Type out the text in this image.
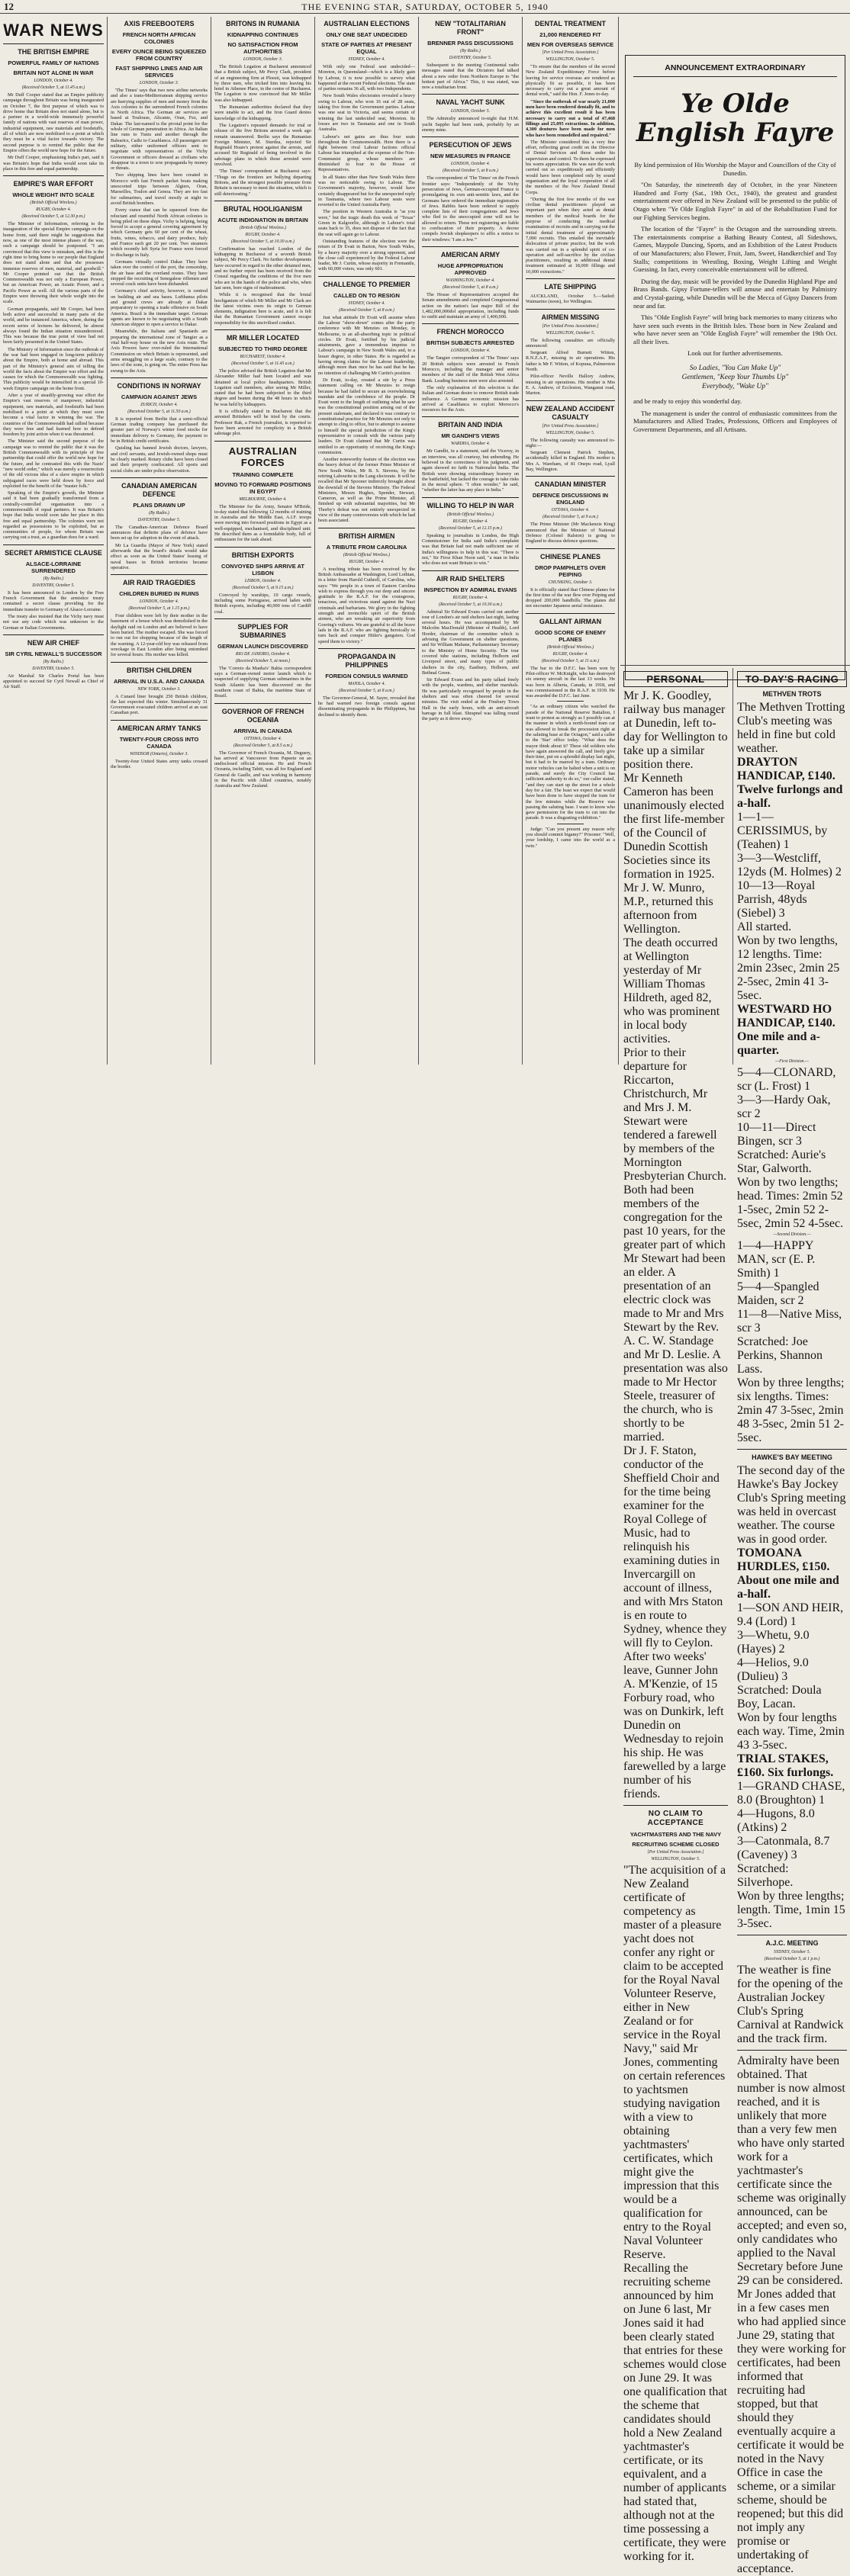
12	THE EVENING STAR, SATURDAY, OCTOBER 5, 1940
WAR NEWS
THE BRITISH EMPIRE
POWERFUL FAMILY OF NATIONS
BRITAIN NOT ALONE IN WAR
LONDON, October 4.
(Received October 5, at 11.45 a.m.)
Mr Duff Cooper stated that an Empire publicity campaign throughout Britain was being inaugurated on October 7, the first purpose of which was to drive home that Britain does not stand alone, but is a partner in a world-wide immensely powerful family of nations with vast reserves of man power, industrial equipment, raw materials and foodstuffs, all of which are now mobilised to a point at which they must be a vital factor towards victory. The second purpose is to remind the public that the Empire offers the world new hope for the future.
Mr Duff Cooper, emphasising India's part, said it was Britain's hope that India would soon take its place in this free and equal partnership.
EMPIRE'S WAR EFFORT
WHOLE WEIGHT INTO SCALE
(British Official Wireless.)
RUGBY, October 4.
(Received October 5, at 12.30 p.m.)
The Minister of Information, referring to the inauguration of the special Empire campaign on the home front, said there might be suggestions that now, as one of the most intense phases of the war, such a campaign should be postponed. "I am convinced that this view is mistaken, and this is the right time to bring home to our people that England does not stand alone and that she possesses immense reserves of men, material, and goodwill." Mr Cooper pointed out that the British Commonwealth was not only a European Power, but an American Power, an Asiatic Power, and a Pacific Power as well. All the various parts of the Empire were throwing their whole weight into the scale.
German propaganda, said Mr Cooper, had been both active and successful in many parts of the world, and he instanced America, where, during the recent series of lectures he delivered, he almost always found the Indian situation misunderstood. This was because the true point of view had not been fairly presented in the United States.
The Ministry of Information since the outbreak of the war had been engaged in long-term publicity about the Empire, both at home and abroad. This part of the Ministry's general aim of telling the world the facts about the Empire war effort and the causes for which the Commonwealth was fighting. This publicity would be intensified in a special 10-week Empire campaign on the home front.
After a year of steadily-growing war effort the Empire's vast reserves of manpower, industrial equipment, raw materials, and foodstuffs had been mobilised to a point at which they must soon become a vital factor in winning the war. The countries of the Commonwealth had rallied because they were free and had learned how to defend freedom by joint action when it was threatened.
The Minister said the second purpose of the campaign was to remind the public that it was the British Commonwealth with its principle of free partnership that could offer the world new hope for the future, and he contrasted this with the Nazis' "new world order," which was merely a resurrection of the old vicious idea of a slave empire in which subjugated races were held down by force and exploited for the benefit of the "master folk."
Speaking of the Empire's growth, the Minister said it had been gradually transformed from a centrally-controlled organisation into a commonwealth of equal partners. It was Britain's hope that India would soon take her place in this free and equal partnership. The colonies were not regarded as possessions to be exploited, but as communities of people, for whom Britain was carrying out a trust, as a guardian does for a ward.
SECRET ARMISTICE CLAUSE
ALSACE-LORRAINE SURRENDERED
(By Radio.)
DAVENTRY, October 5.
It has been announced in London by the Free French Government that the armistice treaty contained a secret clause providing for the immediate transfer to Germany of Alsace-Lorraine.
The treaty also insisted that the Vichy navy must not use any code which was unknown to the German or Italian Governments.
NEW AIR CHIEF
SIR CYRIL NEWALL'S SUCCESSOR
(By Radio.)
DAVENTRY, October 5.
Air Marshal Sir Charles Portal has been appointed to succeed Sir Cyril Newall as Chief of Air Staff.
AXIS FREEBOOTERS
FRENCH NORTH AFRICAN COLONIES
EVERY OUNCE BEING SQUEEZED FROM COUNTRY
FAST SHIPPING LINES AND AIR SERVICES
LONDON, October 3.
'The Times' says that two new airline networks and also a trans-Mediterranean shipping service are hurrying supplies of men and money from the Axis colonies to the surrendered French colonies in North Africa. The German air services are based at Toulouse, Alicante, Oran, Fez, and Dakar. The last-named is the pivotal point for the whole of German penetration in Africa. An Italian line runs to Tunis and another through the Balearics, Cadiz to Casablanca. All passengers are military, either uniformed officers sent to negotiate with representatives of the Vichy Government or officers dressed as civilians who disappear in a town to sow propaganda by money or threats.
Two shipping lines have been created in Morocco with fast French packet boats making unescorted trips between Algiers, Oran, Marseilles, Toulon and Genoa. They are too fast for submarines, and travel mostly at night to avoid British bombers.
Every ounce that can be squeezed from the reluctant and resentful North African colonies is being piled on these ships. Vichy is helping, being forced to accept a general covering agreement by which Germany gets 60 per cent of the wheat, fruits, wines, tobacco, and dairy produce, Italy and France each get 20 per cent. Two steamers which recently left Syria for France were forced to discharge in Italy.
Germans virtually control Dakar. They have taken over the control of the port, the censorship, the air base and the overland routes. They have stopped the recruiting of Senegalese riflemen and several crack units have been disbanded.
Germany's chief activity, however, is centred on building air and sea bases. Lufthansa pilots and ground crews are already at Dakar preparatory to opening a trade offensive on South America. Brazil is the immediate target. German agents are known to be negotiating with a South American shipper to open a service to Dakar.
Meanwhile, the Italians and Spaniards are preparing the international zone of Tangier as a vital half-way house on the new Axis route. The Axis Powers have over-ruled the International Commission on which Britain is represented, and arms smuggling on a large scale, contrary to the laws of the zone, is going on. The entire Press has swung to the Axis.
CONDITIONS IN NORWAY
CAMPAIGN AGAINST JEWS
ZURICH, October 4.
(Received October 5, at 11.50 a.m.)
It is reported from Berlin that a semi-official German trading company has purchased the greater part of Norway's winter food stocks for immediate delivery to Germany, the payment to be in British credit certificates.
Quisling has banned Jewish doctors, lawyers, and civil servants, and Jewish-owned shops must be clearly marked. Rotary clubs have been closed and their property confiscated. All sports and social clubs are under police observation.
CANADIAN AMERICAN DEFENCE
PLANS DRAWN UP
(By Radio.)
DAVENTRY, October 5.
The Canadian-American Defence Board announces that definite plans of defence have been set up for adoption in the event of attack.
Mr La Guardia (Mayor of New York) stated afterwards that the board's details would take effect as soon as the United States' leasing of naval bases in British territories became operative.
AIR RAID TRAGEDIES
CHILDREN BURIED IN RUINS
LONDON, October 4.
(Received October 5, at 1.15 p.m.)
Four children were left by their mother in the basement of a house which was demolished in the daylight raid on London and are believed to have been buried. The mother escaped. She was forced to run out for shopping because of the length of the warning. A 12-year-old boy was released from wreckage in East London after being entombed for several hours. His mother was killed.
BRITISH CHILDREN
ARRIVAL IN U.S.A. AND CANADA
NEW YORK, October 3.
A Cunard liner brought 250 British children, the last expected this winter. Simultaneously 31 Government evacuated children arrived at an east Canadian port.
AMERICAN ARMY TANKS
TWENTY-FOUR CROSS INTO CANADA
WINDSOR (Ontario), October 3.
Twenty-four United States army tanks crossed the border.
BRITONS IN RUMANIA
KIDNAPPING CONTINUES
NO SATISFACTION FROM AUTHORITIES
LONDON, October 3.
The British Legation at Bucharest announced that a British subject, Mr Percy Clark, president of an engineering firm at Ploesti, was kidnapped by three men, who tricked him into leaving his hotel in Athenee Place, in the centre of Bucharest. The Legation is now convinced that Mr Miller was also kidnapped.
The Rumanian authorities declared that they were unable to act, and the Iron Guard denies knowledge of the kidnapping.
The Legation's repeated demands for trial or release of the five Britons arrested a week ago remain unanswered. Berlin says the Rumanian Foreign Minister, M. Sturdza, rejected Sir Reginald Hoare's protest against the arrests, and accused Sir Reginald of being involved in the sabotage plans in which those arrested were involved.
'The Times' correspondent at Bucharest says: "Thugs on the frontiers are bullying departing Britons, and the strongest possible pressure from Britain is necessary to meet the situation, which is still deteriorating."
BRUTAL HOOLIGANISM
ACUTE INDIGNATION IN BRITAIN
(British Official Wireless.)
RUGBY, October 4.
(Received October 5, at 10.30 a.m.)
Confirmation has reached London of the kidnapping in Bucharest of a seventh British subject, Mr Percy Clark. No further developments have occurred in regard to the other detained men, and no further report has been received from the Consul regarding the conditions of the five men who are in the hands of the police and who, when last seen, bore signs of maltreatment.
While it is recognised that the brutal hooliganism of which Mr Miller and Mr Clark are the latest victims owes its origin to German elements, indignation here is acute, and it is felt that the Rumanian Government cannot escape responsibility for this uncivilised conduct.
MR MILLER LOCATED
SUBJECTED TO THIRD DEGREE
BUCHAREST, October 4.
(Received October 5, at 11.45 a.m.)
The police advised the British Legation that Mr Alexander Miller had been located and was detained at local police headquarters. British Legation staff members, after seeing Mr Miller, stated that he had been subjected to the third degree and beaten during the 48 hours in which he was held by kidnappers.
It is officially stated in Bucharest that the arrested Britishers will be tried by the courts. Professor Rak, a French journalist, is reported to have been arrested for complicity in a British sabotage plot.
AUSTRALIAN FORCES
TRAINING COMPLETE
MOVING TO FORWARD POSITIONS IN EGYPT
MELBOURNE, October 4.
The Minister for the Army, Senator M'Bride, to-day stated that following 12 months of training in Australia and the Middle East, A.I.F. troops were moving into forward positions in Egypt as a well-equipped, mechanised, and disciplined unit. He described them as a formidable body, full of enthusiasm for the task ahead.
BRITISH EXPORTS
CONVOYED SHIPS ARRIVE AT LISBON
LISBON, October 4.
(Received October 5, at 9.15 a.m.)
Convoyed by warships, 10 cargo vessels, including some Portuguese, arrived laden with British exports, including 40,000 tons of Cardiff coal.
SUPPLIES FOR SUBMARINES
GERMAN LAUNCH DISCOVERED
RIO DE JANEIRO, October 4.
(Received October 5, at noon.)
The 'Correio da Manha's' Bahia correspondent says a German-owned motor launch which is suspected of supplying German submarines in the South Atlantic has been discovered on the southern coast of Bahia, the maritime State of Brazil.
GOVERNOR OF FRENCH OCEANIA
ARRIVAL IN CANADA
OTTAWA, October 4.
(Received October 5, at 8.5 a.m.)
The Governor of French Oceania, M. Deguery, has arrived at Vancouver from Papeete on an undisclosed official mission. He and French Oceania, including Tahiti, was all for England and General de Gaulle, and was working in harmony in the Pacific with Allied countries, notably Australia and New Zealand.
AUSTRALIAN ELECTIONS
ONLY ONE SEAT UNDECIDED
STATE OF PARTIES AT PRESENT EQUAL
SYDNEY, October 4.
With only one Federal seat undecided—Moreton, in Queensland—which is a likely gain by Labour, it is now possible to survey what happened at the recent Federal elections. The state of parties remains 36 all, with two Independents.
New South Wales electorates revealed a heavy swing to Labour, who won 16 out of 28 seats, taking five from the Government parties. Labour was one seat in Victoria, and seems certain of winning the last undecided seat, Moreton. Its losses are two in Tasmania and one in South Australia.
Labour's net gains are thus four seats throughout the Commonwealth. Here there is a fight between rival Labour factions official Labour has triumphed at the expense of the Non-Communist group, whose members are diminished to four in the House of Representatives.
In all States other than New South Wales there was no noticeable swing to Labour. The Government's majority, however, would have certainly disappeared but for the unexpected reply in Tasmania, where two Labour seats were reverted to the United Australia Party.
The position in Western Australia is "as you were," but the tragic death this week of "Texas" Green in Kalgoorlie, although in Labour's total seats back to 35, does not dispose of the fact that the seat will again go to Labour.
Outstanding features of the election were the return of Dr Evatt in Barton, New South Wales, by a heavy majority over a strong opponent, and the close call experienced by the Federal Labour leader, Mr J. Curtin, whose majority in Fremantle, with 60,000 voters, was only 601.
CHALLENGE TO PREMIER
CALLED ON TO RESIGN
SYDNEY, October 4.
(Received October 5, at 8 a.m.)
Just what attitude Dr Evatt will assume when the Labour "show-down" comes after the party conference with Mr Menzies on Monday, in Melbourne, is an all-absorbing topic in political circles. Dr Evatt, fortified by his judicial attainments, gave a tremendous impetus to Labour's campaign in New South Wales and, to a lesser degree, in other States. He is regarded as having strong claims for the Labour leadership, although more than once he has said that he has no intention of challenging Mr Curtin's position.
Dr Evatt, to-day, created a stir by a Press statement calling on Mr Menzies to resign because he had failed to secure an overwhelming mandate and the confidence of the people. Dr Evatt went to the length of outlining what he saw was the constitutional position arising out of the present stalemate, and declared it was contrary to constitutional practice for Mr Menzies not only to attempt to cling to office, but to attempt to assume to himself the special jurisdiction of the King's representative to consult with the various party leaders. Dr Evatt claimed that Mr Curtin was entitled to an opportunity of receiving the King's commission.
Another noteworthy feature of the election was the heavy defeat of the former Prime Minister of New South Wales, Mr B. S. Stevens, by the retiring Labourite in the Lang electorate. It will be recalled that Mr Spooner indirectly brought about the downfall of the Stevens Ministry. The Federal Ministers, Messrs Hughes, Spender, Stewart, Cameron, as well as the Prime Minister, all finished up with substantial majorities, but Mr Thorby's defeat was not entirely unexpected in view of the many controversies with which he had been associated.
BRITISH AIRMEN
A TRIBUTE FROM CAROLINA
(British Official Wireless.)
RUGBY, October 4.
A touching tribute has been received by the British Ambassador at Washington, Lord Lothian, in a letter from Harold Cuthrell, of Carolina, who says: "We people in a town of Eastern Carolina wish to express through you our deep and sincere gratitude to the R.A.F. for the courageous, tenacious, and victorious stand against the Nazi criminals and barbarians. We glory in the fighting strength and invincible spirit of the British airmen, who are wreaking air superiority from Goering's vultures. We are grateful to all the brave lads in the R.A.F. who are fighting heroically to turn back and conquer Hitler's gangsters. God speed them to victory."
PROPAGANDA IN PHILIPPINES
FOREIGN CONSULS WARNED
MANILA, October 4.
(Received October 5, at 8 a.m.)
The Governor-General, M. Sayre, revealed that he had warned two foreign consuls against disseminating propaganda in the Philippines, but declined to identify them.
NEW "TOTALITARIAN FRONT"
BRENNER PASS DISCUSSIONS
(By Radio.)
DAVENTRY, October 5.
Subsequent to the meeting Continental radio messages stated that the Dictators had talked about a new order from Northern Europe to "the hottest part of Africa." This, it was stated, was now a totalitarian front.
NAVAL YACHT SUNK
LONDON, October 5.
The Admiralty announced to-night that H.M. yacht Sappho had been sunk, probably by an enemy mine.
PERSECUTION OF JEWS
NEW MEASURES IN FRANCE
LONDON, October 4.
(Received October 5, at 8 a.m.)
The correspondent of 'The Times' on the French frontier says: "Independently of the Vichy persecution of Jews, German-occupied France is promulgating its own anti-semitic laws, and the Germans have ordered the immediate registration of Jews. Rabbis have been ordered to supply complete lists of their congregations and Jews who fled to the unoccupied zone will not be allowed to return. These not registering are liable to confiscation of their property. A decree compels Jewish shopkeepers to affix a notice to their windows: 'I am a Jew.'"
AMERICAN ARMY
HUGE APPROPRIATION APPROVED
WASHINGTON, October 4.
(Received October 5, at 8 a.m.)
The House of Representatives accepted the Senate amendments and completed Congressional action on the nation's last major Bill of the 1,482,000,000dol appropriation, including funds to outfit and maintain an army of 1,400,000.
FRENCH MOROCCO
BRITISH SUBJECTS ARRESTED
LONDON, October 4.
The Tangier correspondent of 'The Times' says 20 British subjects were arrested in French Morocco, including the manager and senior members of the staff of the British West Africa Bank. Leading business men were also arrested.
The only explanation of this selection is the Italian and German desire to remove British trade influence. A German economic mission has arrived at Casablanca to exploit Morocco's resources for the Axis.
BRITAIN AND INDIA
MR GANDHI'S VIEWS
WARDHA, October 4.
Mr Gandhi, in a statement, said the Viceroy, in an interview, was all courtesy, but unbending. He believed in the correctness of his judgment, and again showed no faith in Nationalist India. The British were showing extraordinary bravery on the battlefield, but lacked the courage to take risks in the moral sphere. "I often wonder," he said, "whether the latter has any place in India."
WILLING TO HELP IN WAR
(British Official Wireless.)
RUGBY, October 4.
(Received October 5, at 12.15 p.m.)
Speaking to journalists in London, the High Commissioner for India said India's complaint was that Britain had not made sufficient use of India's willingness to help in this war. "There is not," Sir Firoz Khan Noon said, "a man in India who does not want Britain to win."
AIR RAID SHELTERS
INSPECTION BY ADMIRAL EVANS
RUGBY, October 4.
(Received October 5, at 10.30 a.m.)
Admiral Sir Edward Evans carried out another tour of London's air raid shelters last night, lasting several hours. He was accompanied by Mr Malcolm MacDonald (Minister of Health), Lord Horder, chairman of the committee which is advising the Government on shelter questions, and Sir William Mabane, Parliamentary Secretary to the Ministry of Home Security. The tour covered tube stations, including Holborn and Liverpool street, and many types of public shelters in the city, Eastbury, Holborn, and Bethnal Green.
Sir Edward Evans and his party talked freely with the people, wardens, and shelter marshals. He was particularly recognised by people in the shelters and was often cheered for several minutes. The visit ended at the Finsbury Town Hall in the early hours, with an anti-aircraft barrage in full blast. Shrapnel was falling round the party as it drove away.
DENTAL TREATMENT
21,000 RENDERED FIT
MEN FOR OVERSEAS SERVICE
[Per United Press Association.]
WELLINGTON, October 5.
"To ensure that the members of the second New Zealand Expeditionary Force before leaving for service overseas are rendered as physically fit as possible, it has been necessary to carry out a great amount of dental work," said the Hon. F. Jones to-day.
"Since the outbreak of war nearly 21,000 men have been rendered dentally fit, and to achieve this excellent result it has been necessary to carry out a total of 47,468 fillings and 25,095 extractions. In addition, 4,300 dentures have been made for men who have been remodelled and repaired."
The Minister considered this a very fine effort, reflecting great credit on the Director of Dental Services and those under his supervision and control. To them he expressed his warm appreciation. He was sure the work carried out so expeditiously and efficiently would have been completed only by sound organisation and the loyal cooperation of all the members of the New Zealand Dental Corps.
"During the first few months of the war civilian dental practitioners played an important part when they acted as dental members of the medical boards for the purpose of conducting the medical examination of recruits and in carrying out the initial dental treatment of approximately 7,000 recruits. This entailed the inevitable dislocation of private practice, but the work was carried out in a splendid spirit of co-operation and self-sacrifice by the civilian practitioners, resulting in additional dental treatment estimated at 18,000 fillings and 10,000 extractions."
LATE SHIPPING
AUCKLAND, October 5.—Sailed: Waimarino (noon), for Wellington.
AIRMEN MISSING
[Per United Press Association.]
WELLINGTON, October 5.
The following casualties are officially announced:
Sergeant Alfred Burnett Witton, R.N.Z.A.F., missing in air operations. His father is Mr F. Witton, of Kopuna, Palmerston North.
Pilot-officer Neville Hallory Andrew, missing in air operations. His mother is Mrs E. A. Andrew, of Eccleston, Wanganui road, Marton.
NEW ZEALAND ACCIDENT CASUALTY
[Per United Press Association.]
WELLINGTON, October 5.
The following casualty was announced to-night:—
Sergeant Clement Patrick Stephen, accidentally killed in England. His mother is Mrs A. Wareham, of 81 Onepu road, Lyall Bay, Wellington.
CANADIAN MINISTER
DEFENCE DISCUSSIONS IN ENGLAND
OTTAWA, October 4.
(Received October 5, at 9 a.m.)
The Prime Minister (Mr Mackenzie King) announced that the Minister of National Defence (Colonel Ralston) is going to England to discuss defence questions.
CHINESE PLANES
DROP PAMPHLETS OVER PEIPING
CHUNKING, October 3.
It is officially stated that Chinese planes for the first time of the war flew over Peiping and dropped 200,000 handbills. The planes did not encounter Japanese aerial resistance.
GALLANT AIRMAN
GOOD SCORE OF ENEMY PLANES
(British Official Wireless.)
RUGBY, October 4.
(Received October 5, at 11 a.m.)
The bar to the D.F.C. has been won by Pilot-officer W. McKnight, who has destroyed six enemy aircraft in the last 13 weeks. He was born in Alberta, Canada, in 1918, and was commissioned in the R.A.F. in 1939. He was awarded the D.F.C. last June.
"As an ordinary citizen who watched the parade of the National Reserve Battalion, I want to protest as strongly as I possibly can at the manner in which a north-bound tram car was allowed to break the procession right at the saluting base at the Octagon," said a caller to the 'Star' office today. "What does the mayor think about it? These old soldiers who have again answered the call, and freely give their time, put on a splendid display last night, but it had to be marred by a tram. Ordinary motor vehicles can be halted when a unit is on parade, and surely the City Council has sufficient authority to do so," our caller stated, "and they can start up the street for a whole day for a fair. The least we expect that would have been done to have stopped the tram for the few minutes while the Reserve was passing the saluting base. I want to know who gave permission for the tram to cut into the parade. It was a disgusting exhibition."
Judge: "Can you present any reason why you should commit bigamy?" Prisoner: "Well, your lordship, I came into the world as a twin."
ANNOUNCEMENT EXTRAORDINARY
Ye Olde
English Fayre
By kind permission of His Worship the Mayor and Councillors of the City of Dunedin.
"On Saturday, the nineteenth day of October, in the year Nineteen Hundred and Forty (Sat., 19th Oct., 1940), the greatest and grandest entertainment ever offered in New Zealand will be presented to the public of Otago when "Ye Olde English Fayre" in aid of the Rehabilitation Fund for our Fighting Services begins.
The location of the "Fayre" is the Octagon and the surrounding streets. The entertainments comprise a Bathing Beauty Contest, all Sideshows, Games, Maypole Dancing, Sports, and an Exhibition of the Latest Products of our Manufacturers; also Flower, Fruit, Jam, Sweet, Handkerchief and Toy Stalls; competitions in Wrestling, Boxing, Weight Lifting and Weight Guessing. In fact, every conceivable entertainment will be offered.
During the day, music will be provided by the Dunedin Highland Pipe and Brass Bands. Gipsy Fortune-tellers will amuse and entertain by Palmistry and Crystal-gazing, while Dunedin will be the Mecca of Gipsy Dancers from near and far.
This "Olde English Fayre" will bring back memories to many citizens who have seen such events in the British Isles. Those born in New Zealand and who have never seen an "Olde English Fayre" will remember the 19th Oct. all their lives.
Look out for further advertisements.
So Ladies, "You Can Make Up"
Gentlemen, "Keep Your Thumbs Up"
Everybody, "Wake Up"
and be ready to enjoy this wonderful day.
The management is under the control of enthusiastic committees from the Manufacturers and Allied Trades, Professions, Officers and Employees of Government Departments, and all Artisans.
PERSONAL
Mr J. K. Goodley, railway bus manager at Dunedin, left to-day for Wellington to take up a similar position there.
Mr Kenneth Cameron has been unanimously elected the first life-member of the Council of Dunedin Scottish Societies since its formation in 1925.
Mr J. W. Munro, M.P., returned this afternoon from Wellington.
The death occurred at Wellington yesterday of Mr William Thomas Hildreth, aged 82, who was prominent in local body activities.
Prior to their departure for Riccarton, Christchurch, Mr and Mrs J. M. Stewart were tendered a farewell by members of the Mornington Presbyterian Church. Both had been members of the congregation for the past 10 years, for the greater part of which Mr Stewart had been an elder. A presentation of an electric clock was made to Mr and Mrs Stewart by the Rev. A. C. W. Standage and Mr D. Leslie. A presentation was also made to Mr Hector Steele, treasurer of the church, who is shortly to be married.
Dr J. F. Staton, conductor of the Sheffield Choir and for the time being examiner for the Royal College of Music, had to relinquish his examining duties in Invercargill on account of illness, and with Mrs Staton is en route to Sydney, whence they will fly to Ceylon.
After two weeks' leave, Gunner John A. M'Kenzie, of 15 Forbury road, who was on Dunkirk, left Dunedin on Wednesday to rejoin his ship. He was farewelled by a large number of his friends.
NO CLAIM TO ACCEPTANCE
YACHTMASTERS AND THE NAVY
RECRUITING SCHEME CLOSED
[Per United Press Association.]
WELLINGTON, October 5.
"The acquisition of a New Zealand certificate of competency as master of a pleasure yacht does not confer any right or claim to be accepted for the Royal Naval Volunteer Reserve, either in New Zealand or for service in the Royal Navy," said Mr Jones, commenting on certain references to yachtsmen studying navigation with a view to obtaining yachtmasters' certificates, which might give the impression that this would be a qualification for entry to the Royal Naval Volunteer Reserve.
Recalling the recruiting scheme announced by him on June 6 last, Mr Jones said it had been clearly stated that entries for these schemes would close on June 29. It was one qualification that the scheme that candidates should hold a New Zealand yachtmaster's certificate, or its equivalent, and a number of applicants had stated that, although not at the time possessing a certificate, they were working for it.
TO-DAY'S RACING
METHVEN TROTS
The Methven Trotting Club's meeting was held in fine but cold weather.
DRAYTON HANDICAP, £140. Twelve furlongs and a-half.
1—1—CERISSIMUS, by (Teahen) 1
3—3—Westcliff, 12yds (M. Holmes) 2
10—13—Royal Parrish, 48yds (Siebel) 3
All started.
Won by two lengths, 12 lengths. Time: 2min 23sec, 2min 25 2-5sec, 2min 41 3-5sec.
WESTWARD HO HANDICAP, £140. One mile and a-quarter.
—First Division.—
5—4—CLONARD, scr (L. Frost) 1
3—3—Hardy Oak, scr 2
10—11—Direct Bingen, scr 3
Scratched: Aurie's Star, Galworth.
Won by two lengths; head. Times: 2min 52 1-5sec, 2min 52 2-5sec, 2min 52 4-5sec.
—Second Division.—
1—4—HAPPY MAN, scr (E. P. Smith) 1
5—4—Spangled Maiden, scr 2
11—8—Native Miss, scr 3
Scratched: Joe Perkins, Shannon Lass.
Won by three lengths; six lengths. Times: 2min 47 3-5sec, 2min 48 3-5sec, 2min 51 2-5sec.
HAWKE'S BAY MEETING
The second day of the Hawke's Bay Jockey Club's Spring meeting was held in overcast weather. The course was in good order.
TOMOANA HURDLES, £150. About one mile and a-half.
1—SON AND HEIR, 9.4 (Lord) 1
3—Whetu, 9.0 (Hayes) 2
4—Helios, 9.0 (Dulieu) 3
Scratched: Doula Boy, Lacan.
Won by four lengths each way. Time, 2min 43 3-5sec.
TRIAL STAKES, £160. Six furlongs.
1—GRAND CHASE, 8.0 (Broughton) 1
4—Hugons, 8.0 (Atkins) 2
3—Catonmala, 8.7 (Caveney) 3
Scratched: Silverhope.
Won by three lengths; length. Time, 1min 15 3-5sec.
A.J.C. MEETING
SYDNEY, October 5.
(Received October 5, at 1 p.m.)
The weather is fine for the opening of the Australian Jockey Club's Spring Carnival at Randwick and the track firm.
Admiralty have been obtained. That number is now almost reached, and it is unlikely that more than a very few men who have only started work for a yachtmaster's certificate since the scheme was originally announced, can be accepted; and even so, only candidates who applied to the Naval Secretary before June 29 can be considered.
Mr Jones added that in a few cases men who had applied since June 29, stating that they were working for certificates, had been informed that recruiting had stopped, but that should they eventually acquire a certificate it would be noted in the Navy Office in case the scheme, or a similar scheme, should be reopened; but this did not imply any promise or undertaking of acceptance.
